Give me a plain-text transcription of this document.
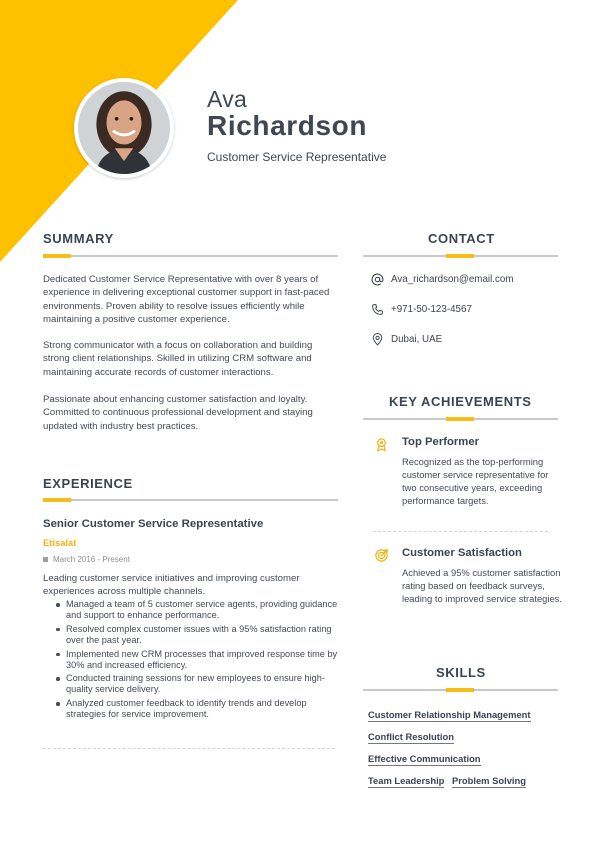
Ava
Richardson
Customer Service Representative
SUMMARY
Dedicated Customer Service Representative with over 8 years of experience in delivering exceptional customer support in fast-paced environments. Proven ability to resolve issues efficiently while maintaining a positive customer experience.
Strong communicator with a focus on collaboration and building strong client relationships. Skilled in utilizing CRM software and maintaining accurate records of customer interactions.
Passionate about enhancing customer satisfaction and loyalty. Committed to continuous professional development and staying updated with industry best practices.
EXPERIENCE
Senior Customer Service Representative
Etisalat
March 2016 - Present
Leading customer service initiatives and improving customer experiences across multiple channels.
Managed a team of 5 customer service agents, providing guidance and support to enhance performance.
Resolved complex customer issues with a 95% satisfaction rating over the past year.
Implemented new CRM processes that improved response time by 30% and increased efficiency.
Conducted training sessions for new employees to ensure high-quality service delivery.
Analyzed customer feedback to identify trends and develop strategies for service improvement.
CONTACT
Ava_richardson@email.com
+971-50-123-4567
Dubai, UAE
KEY ACHIEVEMENTS
Top Performer
Recognized as the top-performing customer service representative for two consecutive years, exceeding performance targets.
Customer Satisfaction
Achieved a 95% customer satisfaction rating based on feedback surveys, leading to improved service strategies.
SKILLS
Customer Relationship Management
Conflict Resolution
Effective Communication
Team Leadership Problem Solving
